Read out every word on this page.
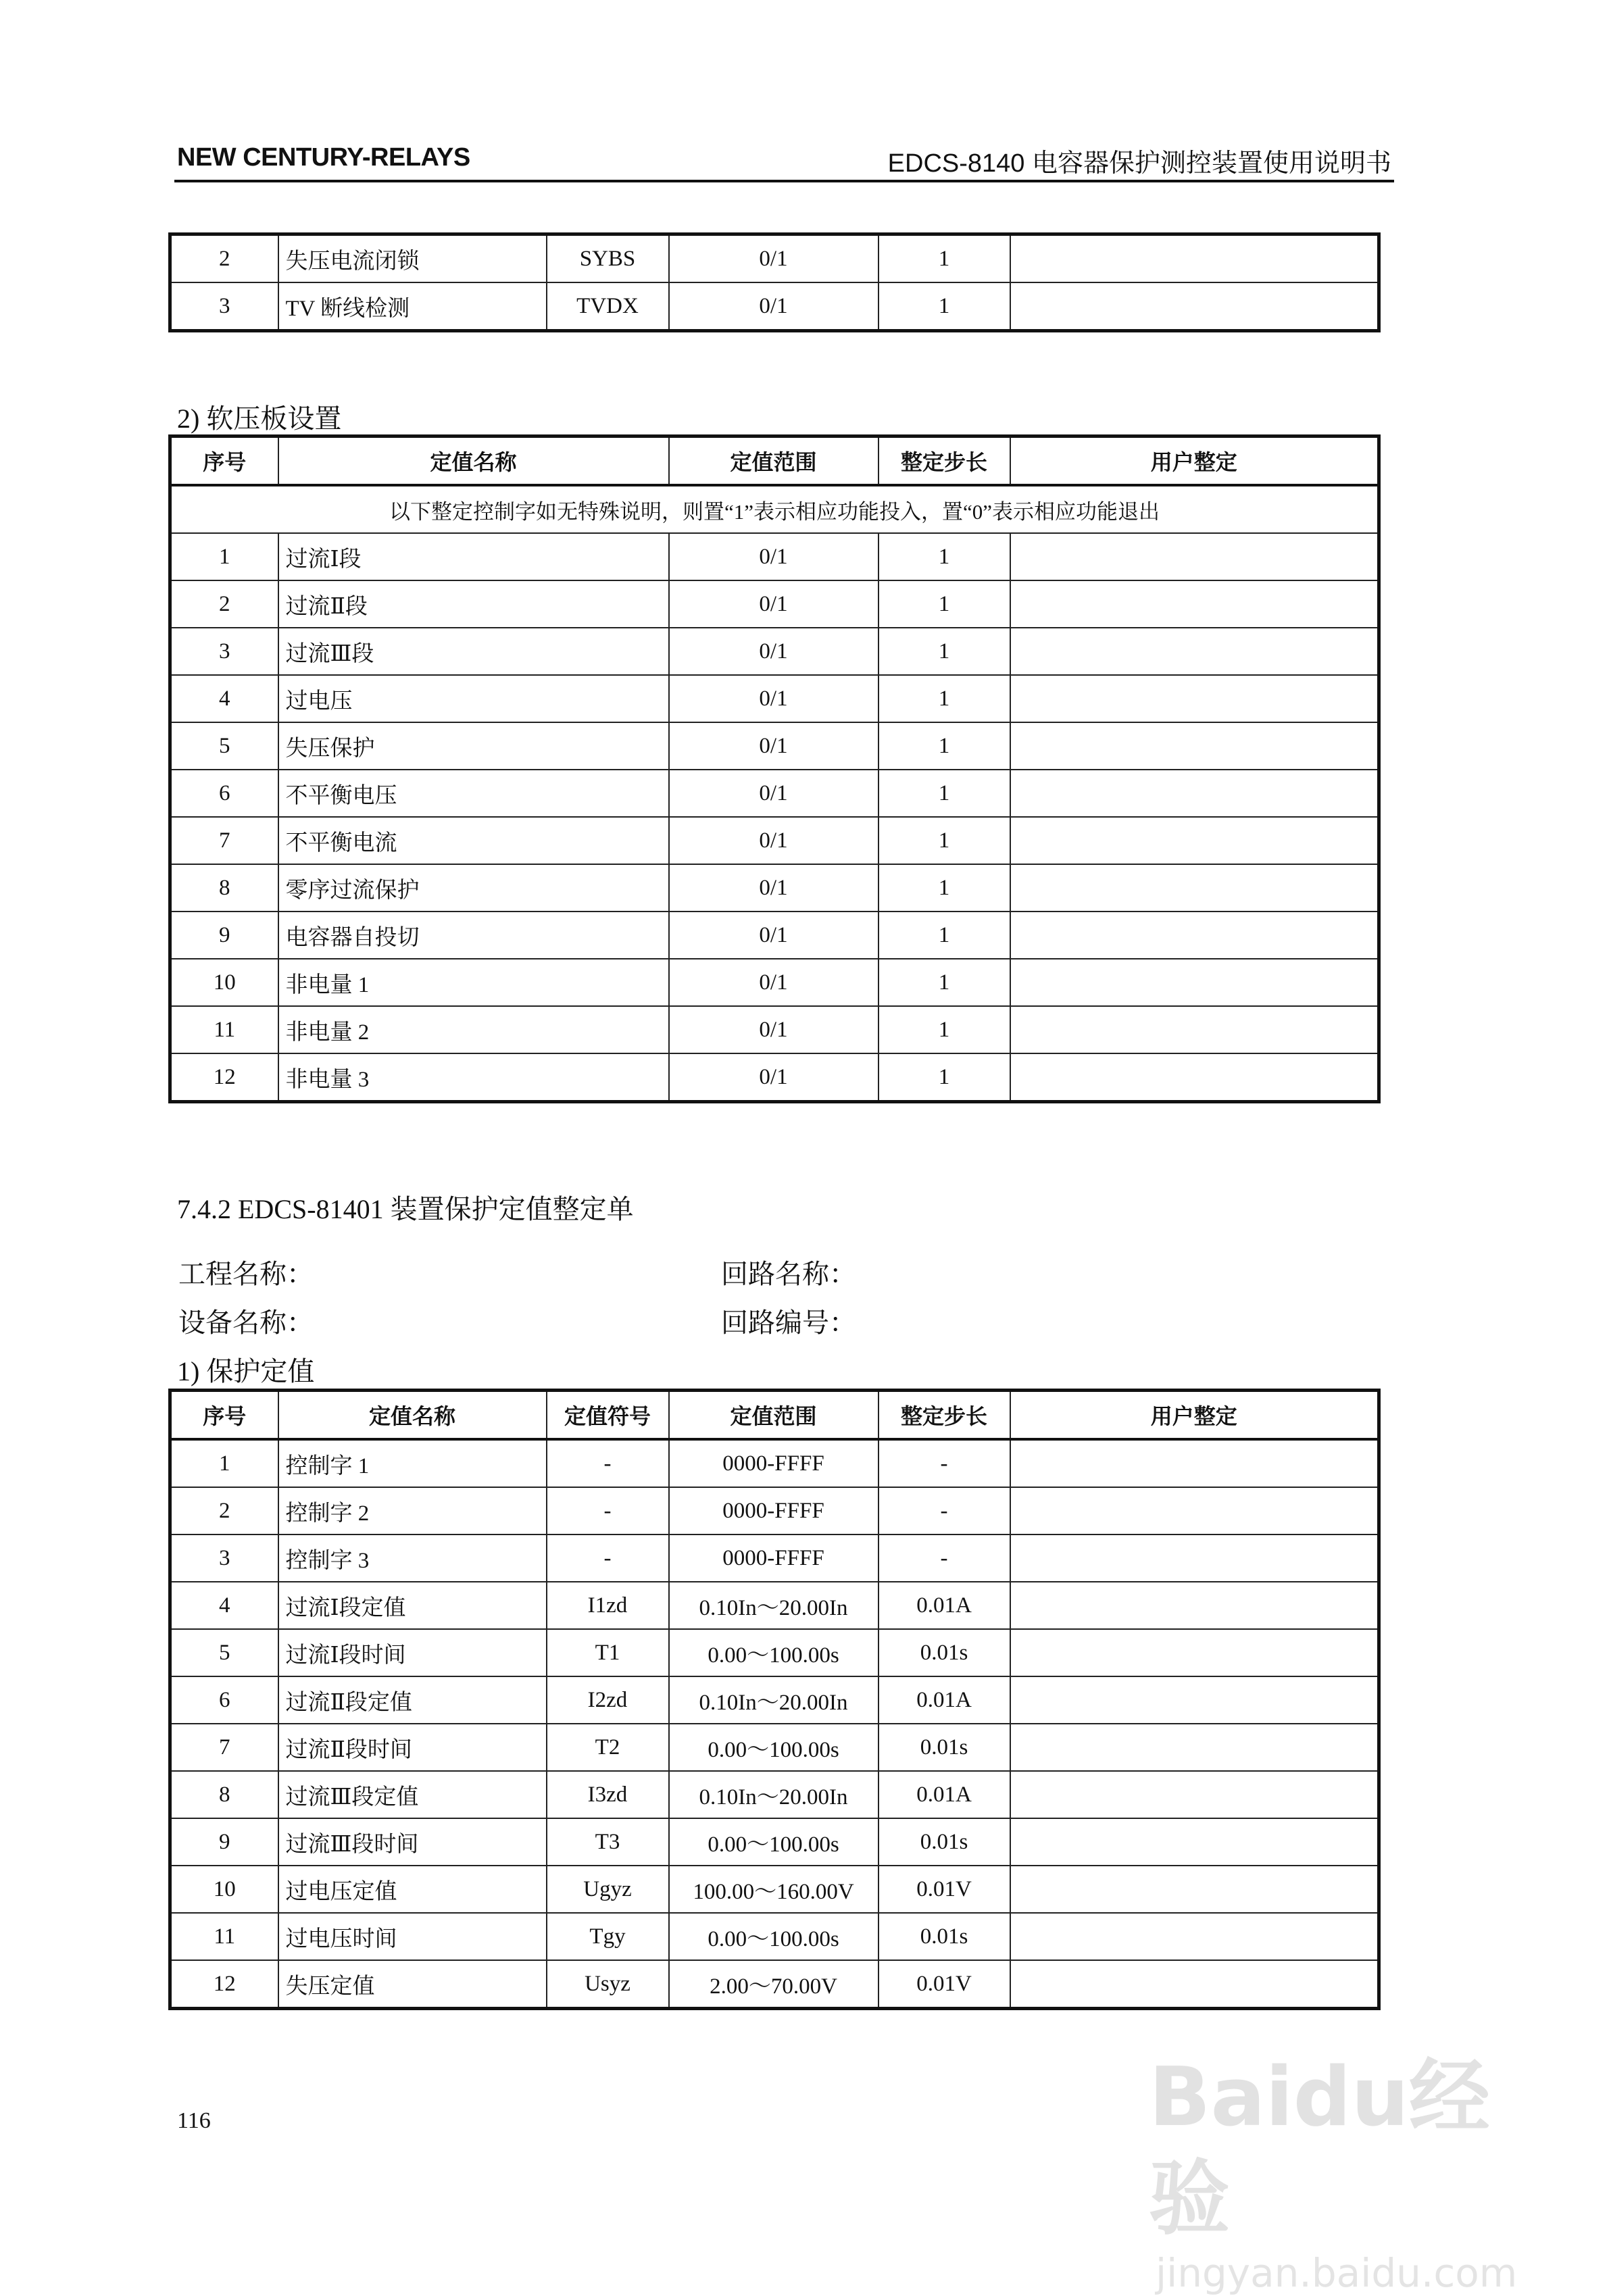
NEW CENTURY-RELAYS	EDCS-8140 电容器保护测控装置使用说明书
2	失压电流闭锁	SYBS	0/1	1	
3	TV 断线检测	TVDX	0/1	1	
2) 软压板设置
序号	定值名称	定值范围	整定步长	用户整定
以下整定控制字如无特殊说明，则置“1”表示相应功能投入，置“0”表示相应功能退出				
1	过流Ⅰ段	0/1	1	
2	过流Ⅱ段	0/1	1	
3	过流Ⅲ段	0/1	1	
4	过电压	0/1	1	
5	失压保护	0/1	1	
6	不平衡电压	0/1	1	
7	不平衡电流	0/1	1	
8	零序过流保护	0/1	1	
9	电容器自投切	0/1	1	
10	非电量 1	0/1	1	
11	非电量 2	0/1	1	
12	非电量 3	0/1	1	
7.4.2 EDCS-81401 装置保护定值整定单
工程名称：	回路名称：
设备名称：	回路编号：
1) 保护定值
序号	定值名称	定值符号	定值范围	整定步长	用户整定
1	控制字 1	-	0000-FFFF	-	
2	控制字 2	-	0000-FFFF	-	
3	控制字 3	-	0000-FFFF	-	
4	过流Ⅰ段定值	I1zd	0.10In～20.00In	0.01A	
5	过流Ⅰ段时间	T1	0.00～100.00s	0.01s	
6	过流Ⅱ段定值	I2zd	0.10In～20.00In	0.01A	
7	过流Ⅱ段时间	T2	0.00～100.00s	0.01s	
8	过流Ⅲ段定值	I3zd	0.10In～20.00In	0.01A	
9	过流Ⅲ段时间	T3	0.00～100.00s	0.01s	
10	过电压定值	Ugyz	100.00～160.00V	0.01V	
11	过电压时间	Tgy	0.00～100.00s	0.01s	
12	失压定值	Usyz	2.00～70.00V	0.01V	
116	Baidu经验
jingyan.baidu.com
